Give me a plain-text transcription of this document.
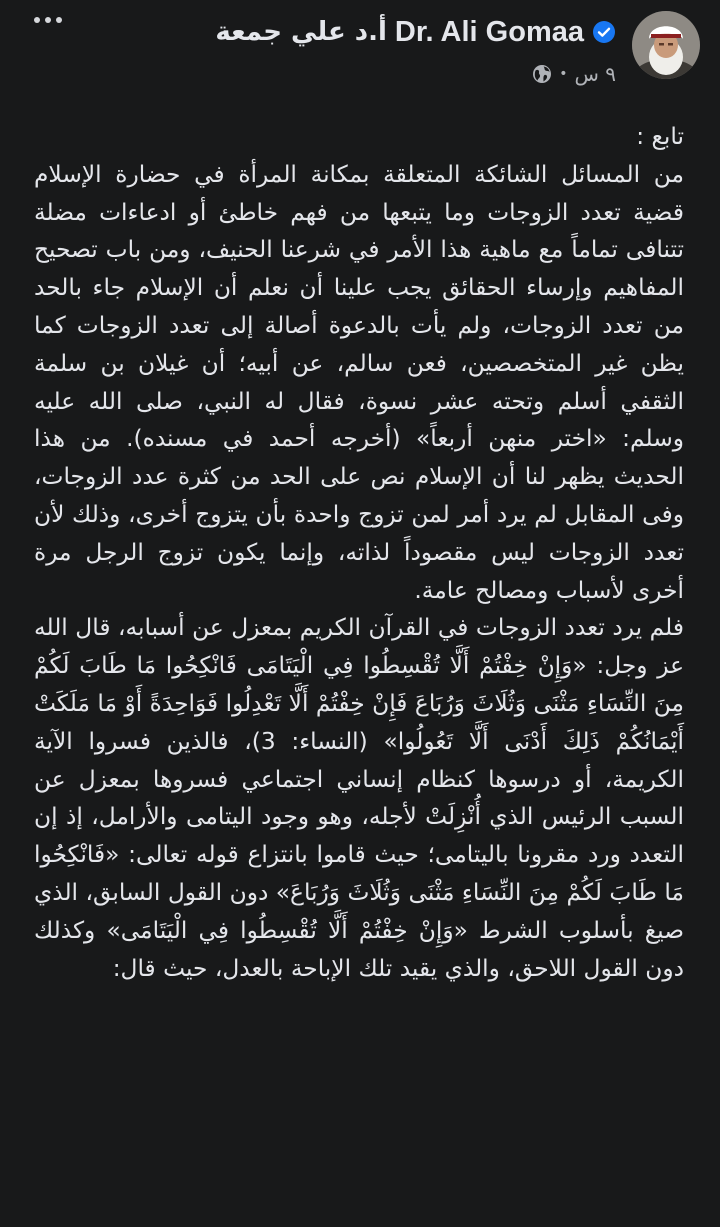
أ.د علي جمعة Dr. Ali Gomaa
٩ س
•

تابع :

من المسائل الشائكة المتعلقة بمكانة المرأة في حضارة الإسلام قضية تعدد الزوجات وما يتبعها من فهم خاطئ أو ادعاءات مضلة تتنافى تماماً مع ماهية هذا الأمر في شرعنا الحنيف، ومن باب تصحيح المفاهيم وإرساء الحقائق يجب علينا أن نعلم أن الإسلام جاء بالحد من تعدد الزوجات، ولم يأت بالدعوة أصالة إلى تعدد الزوجات كما يظن غير المتخصصين، فعن سالم، عن أبيه؛ أن غيلان بن سلمة الثقفي أسلم وتحته عشر نسوة، فقال له النبي، صلى الله عليه وسلم: «اختر منهن أربعاً» (أخرجه أحمد في مسنده). من هذا الحديث يظهر لنا أن الإسلام نص على الحد من كثرة عدد الزوجات، وفى المقابل لم يرد أمر لمن تزوج واحدة بأن يتزوج أخرى، وذلك لأن تعدد الزوجات ليس مقصوداً لذاته، وإنما يكون تزوج الرجل مرة أخرى لأسباب ومصالح عامة.

فلم يرد تعدد الزوجات في القرآن الكريم بمعزل عن أسبابه، قال الله عز وجل: «وَإِنْ خِفْتُمْ أَلَّا تُقْسِطُوا فِي الْيَتَامَى فَانْكِحُوا مَا طَابَ لَكُمْ مِنَ النِّسَاءِ مَثْنَى وَثُلَاثَ وَرُبَاعَ فَإِنْ خِفْتُمْ أَلَّا تَعْدِلُوا فَوَاحِدَةً أَوْ مَا مَلَكَتْ أَيْمَانُكُمْ ذَلِكَ أَدْنَى أَلَّا تَعُولُوا» (النساء: 3)، فالذين فسروا الآية الكريمة، أو درسوها كنظام إنساني اجتماعي فسروها بمعزل عن السبب الرئيس الذي أُنْزِلَتْ لأجله، وهو وجود اليتامى والأرامل، إذ إن التعدد ورد مقرونا باليتامى؛ حيث قاموا بانتزاع قوله تعالى: «فَانْكِحُوا مَا طَابَ لَكُمْ مِنَ النِّسَاءِ مَثْنَى وَثُلَاثَ وَرُبَاعَ» دون القول السابق، الذي صيغ بأسلوب الشرط «وَإِنْ خِفْتُمْ أَلَّا تُقْسِطُوا فِي الْيَتَامَى» وكذلك دون القول اللاحق، والذي يقيد تلك الإباحة بالعدل، حيث قال:
